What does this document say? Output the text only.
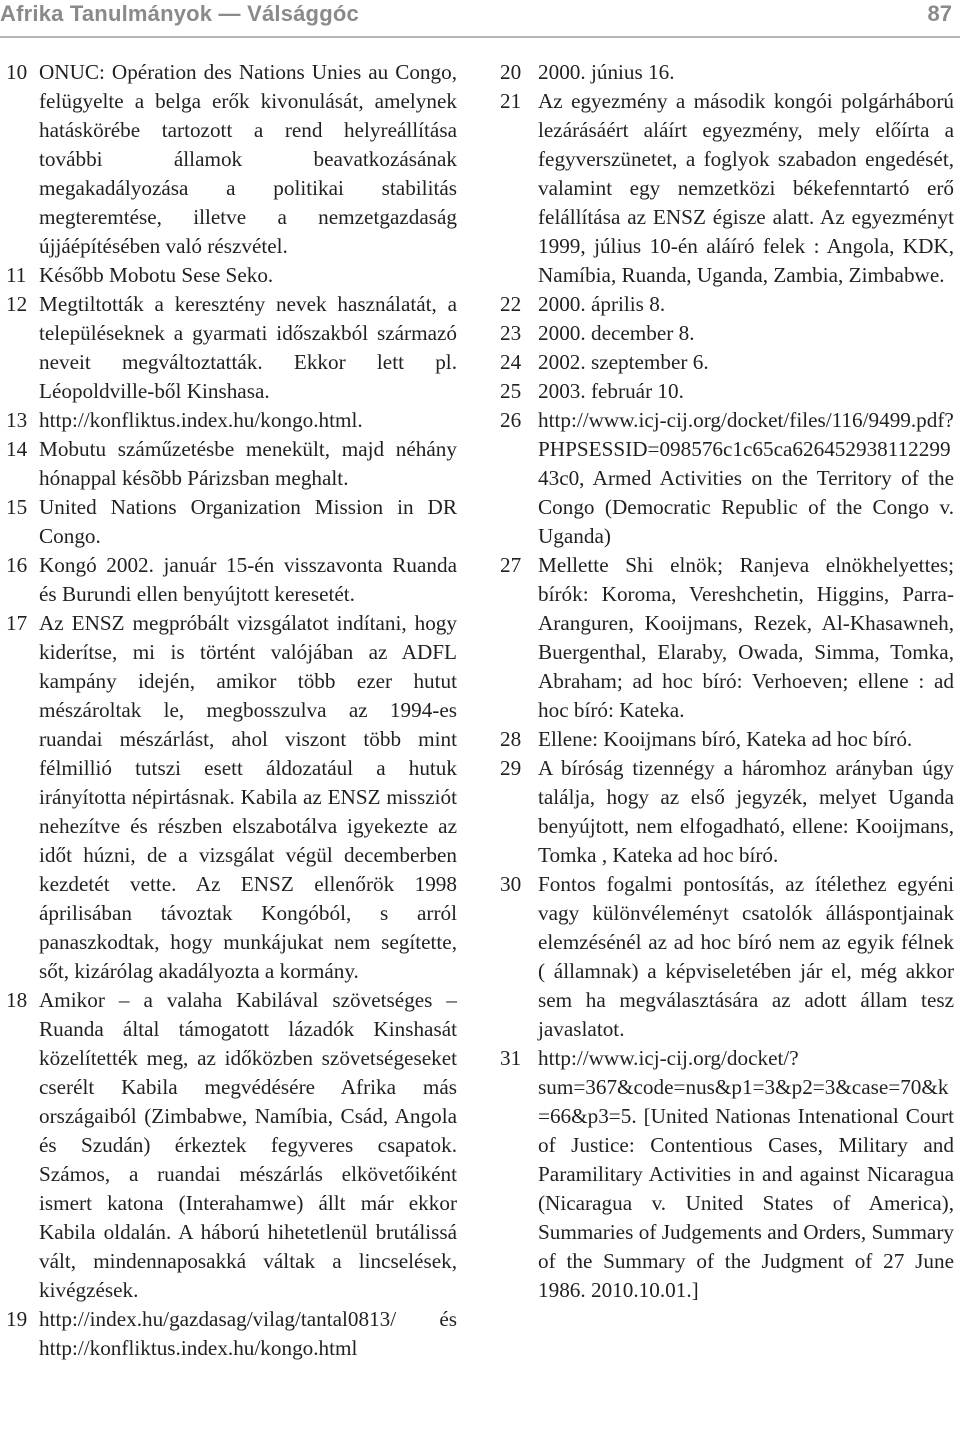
Afrika Tanulmányok — Válsággóc	87
10 ONUC: Opération des Nations Unies au Congo, felügyelte a belga erők kivonulását, amelynek hatáskörébe tartozott a rend helyreállítása további államok beavatkozásának megakadályozása a politikai stabilitás megteremtése, illetve a nemzetgazdaság újjáépítésében való részvétel.
11 Később Mobotu Sese Seko.
12 Megtiltották a keresztény nevek használatát, a településeknek a gyarmati időszakból származó neveit megváltoztatták. Ekkor lett pl. Léopoldville-ből Kinshasa.
13 http://konfliktus.index.hu/kongo.html.
14 Mobutu száműzetésbe menekült, majd néhány hónappal késõbb Párizsban meghalt.
15 United Nations Organization Mission in DR Congo.
16 Kongó 2002. január 15-én visszavonta Ruanda és Burundi ellen benyújtott keresetét.
17 Az ENSZ megpróbált vizsgálatot indítani, hogy kiderítse, mi is történt valójában az ADFL kampány idején, amikor több ezer hutut mészároltak le, megbosszulva az 1994-es ruandai mészárlást, ahol viszont több mint félmillió tutszi esett áldozatául a hutuk irányította népirtásnak. Kabila az ENSZ missziót nehezítve és részben elszabotálva igyekezte az időt húzni, de a vizsgálat végül decemberben kezdetét vette. Az ENSZ ellenőrök 1998 áprilisában távoztak Kongóból, s arról panaszkodtak, hogy munkájukat nem segítette, sőt, kizárólag akadályozta a kormány.
18 Amikor – a valaha Kabilával szövetséges – Ruanda által támogatott lázadók Kinshasát közelítették meg, az időközben szövetségeseket cserélt Kabila megvédésére Afrika más országaiból (Zimbabwe, Namíbia, Csád, Angola és Szudán) érkeztek fegyveres csapatok. Számos, a ruandai mészárlás elkövetőiként ismert katona (Interahamwe) állt már ekkor Kabila oldalán. A háború hihetetlenül brutálissá vált, mindennaposakká váltak a lincselések, kivégzések.
19 http://index.hu/gazdasag/vilag/tantal0813/ és http://konfliktus.index.hu/kongo.html
20 2000. június 16.
21 Az egyezmény a második kongói polgárháború lezárásáért aláírt egyezmény, mely előírta a fegyverszünetet, a foglyok szabadon engedését, valamint egy nemzetközi békefenntartó erő felállítása az ENSZ égisze alatt. Az egyezményt 1999, július 10-én aláíró felek : Angola, KDK, Namíbia, Ruanda, Uganda, Zambia, Zimbabwe.
22 2000. április 8.
23 2000. december 8.
24 2002. szeptember 6.
25 2003. február 10.
26 http://www.icj-cij.org/docket/files/116/9499.pdf?PHPSESSID=098576c1c65ca62645293811229943c0, Armed Activities on the Territory of the Congo (Democratic Republic of the Congo v. Uganda)
27 Mellette Shi elnök; Ranjeva elnökhelyettes; bírók: Koroma, Vereshchetin, Higgins, Parra-Aranguren, Kooijmans, Rezek, Al-Khasawneh, Buergenthal, Elaraby, Owada, Simma, Tomka, Abraham; ad hoc bíró: Verhoeven; ellene : ad hoc bíró: Kateka.
28 Ellene: Kooijmans bíró, Kateka ad hoc bíró.
29 A bíróság tizennégy a háromhoz arányban úgy találja, hogy az első jegyzék, melyet Uganda benyújtott, nem elfogadható, ellene: Kooijmans, Tomka , Kateka ad hoc bíró.
30 Fontos fogalmi pontosítás, az ítélethez egyéni vagy különvéleményt csatolók álláspontjainak elemzésénél az ad hoc bíró nem az egyik félnek ( államnak) a képviseletében jár el, még akkor sem ha megválasztására az adott állam tesz javaslatot.
31 http://www.icj-cij.org/docket/?sum=367&code=nus&p1=3&p2=3&case=70&k=66&p3=5. [United Nationas Intenational Court of Justice: Contentious Cases, Military and Paramilitary Activities in and against Nicaragua (Nicaragua v. United States of America), Summaries of Judgements and Orders, Summary of the Summary of the Judgment of 27 June 1986. 2010.10.01.]
